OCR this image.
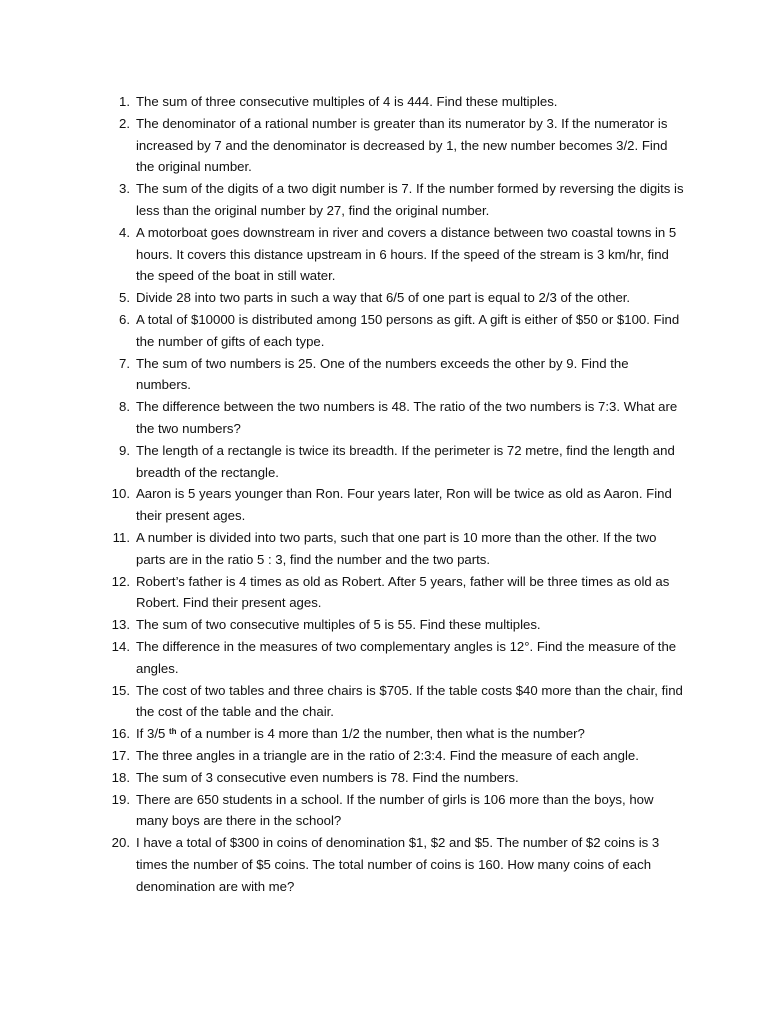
1. The sum of three consecutive multiples of 4 is 444. Find these multiples.
2. The denominator of a rational number is greater than its numerator by 3. If the numerator is increased by 7 and the denominator is decreased by 1, the new number becomes 3/2. Find the original number.
3. The sum of the digits of a two digit number is 7. If the number formed by reversing the digits is less than the original number by 27, find the original number.
4. A motorboat goes downstream in river and covers a distance between two coastal towns in 5 hours. It covers this distance upstream in 6 hours. If the speed of the stream is 3 km/hr, find the speed of the boat in still water.
5. Divide 28 into two parts in such a way that 6/5 of one part is equal to 2/3 of the other.
6. A total of $10000 is distributed among 150 persons as gift. A gift is either of $50 or $100. Find the number of gifts of each type.
7. The sum of two numbers is 25. One of the numbers exceeds the other by 9. Find the numbers.
8. The difference between the two numbers is 48. The ratio of the two numbers is 7:3. What are the two numbers?
9. The length of a rectangle is twice its breadth. If the perimeter is 72 metre, find the length and breadth of the rectangle.
10. Aaron is 5 years younger than Ron. Four years later, Ron will be twice as old as Aaron. Find their present ages.
11. A number is divided into two parts, such that one part is 10 more than the other. If the two parts are in the ratio 5 : 3, find the number and the two parts.
12. Robert’s father is 4 times as old as Robert. After 5 years, father will be three times as old as Robert. Find their present ages.
13. The sum of two consecutive multiples of 5 is 55. Find these multiples.
14. The difference in the measures of two complementary angles is 12°. Find the measure of the angles.
15. The cost of two tables and three chairs is $705. If the table costs $40 more than the chair, find the cost of the table and the chair.
16. If 3/5 $^{th}$ of a number is 4 more than 1/2 the number, then what is the number?
17. The three angles in a triangle are in the ratio of 2:3:4. Find the measure of each angle.
18. The sum of 3 consecutive even numbers is 78. Find the numbers.
19. There are 650 students in a school. If the number of girls is 106 more than the boys, how many boys are there in the school?
20. I have a total of $300 in coins of denomination $1, $2 and $5. The number of $2 coins is 3 times the number of $5 coins. The total number of coins is 160. How many coins of each denomination are with me?
